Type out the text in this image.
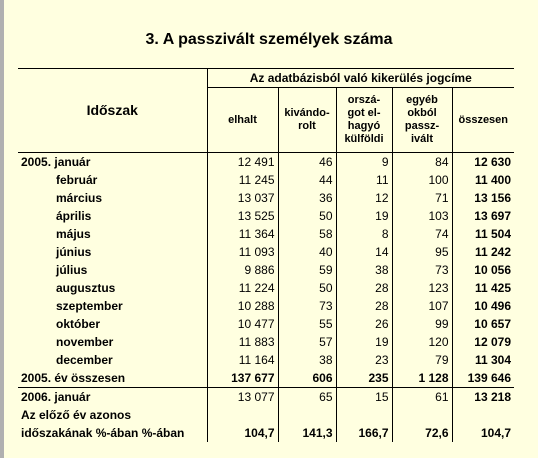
3. A passzivált személyek száma
Időszak	Az adatbázisból való kikerülés jogcíme				
	elhalt	kivándo-rolt	orszá-got el-hagyó külföldi	egyéb okból passz-ivált	összesen
2005. január	12 491	46	9	84	12 630
február	11 245	44	11	100	11 400
március	13 037	36	12	71	13 156
április	13 525	50	19	103	13 697
május	11 364	58	8	74	11 504
június	11 093	40	14	95	11 242
július	9 886	59	38	73	10 056
augusztus	11 224	50	28	123	11 425
szeptember	10 288	73	28	107	10 496
október	10 477	55	26	99	10 657
november	11 883	57	19	120	12 079
december	11 164	38	23	79	11 304
2005. év összesen	137 677	606	235	1 128	139 646
2006. január	13 077	65	15	61	13 218
Az előző év azonos					
időszakának %-ában %-ában	104,7	141,3	166,7	72,6	104,7
